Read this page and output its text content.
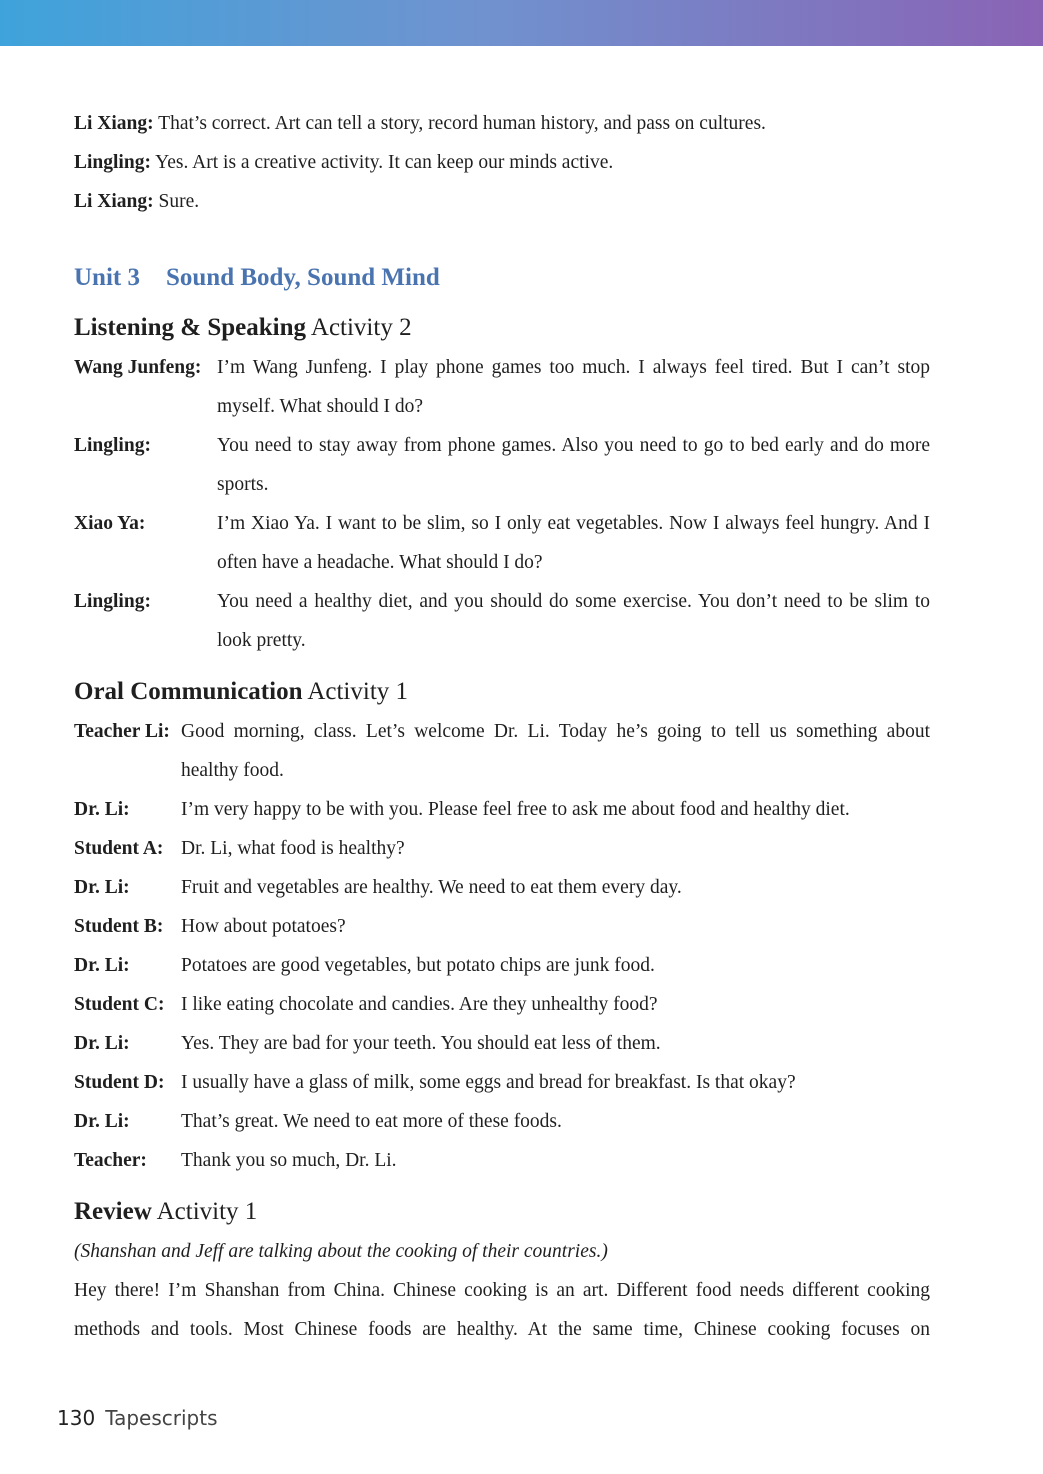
Li Xiang: That’s correct. Art can tell a story, record human history, and pass on cultures.
Lingling: Yes. Art is a creative activity. It can keep our minds active.
Li Xiang: Sure.
Unit 3 Sound Body, Sound Mind
Listening & Speaking Activity 2
Wang Junfeng: I’m Wang Junfeng. I play phone games too much. I always feel tired. But I can’t stop myself. What should I do?
Lingling:	You need to stay away from phone games. Also you need to go to bed early and do more sports.
Xiao Ya:	I’m Xiao Ya. I want to be slim, so I only eat vegetables. Now I always feel hungry. And I often have a headache. What should I do?
Lingling:	You need a healthy diet, and you should do some exercise. You don’t need to be slim to look pretty.
Oral Communication Activity 1
Teacher Li: Good morning, class. Let’s welcome Dr. Li. Today he’s going to tell us something about healthy food.
Dr. Li:	I’m very happy to be with you. Please feel free to ask me about food and healthy diet.
Student A: Dr. Li, what food is healthy?
Dr. Li:	Fruit and vegetables are healthy. We need to eat them every day.
Student B: How about potatoes?
Dr. Li:	Potatoes are good vegetables, but potato chips are junk food.
Student C: I like eating chocolate and candies. Are they unhealthy food?
Dr. Li:	Yes. They are bad for your teeth. You should eat less of them.
Student D: I usually have a glass of milk, some eggs and bread for breakfast. Is that okay?
Dr. Li:	That’s great. We need to eat more of these foods.
Teacher:	Thank you so much, Dr. Li.
Review Activity 1
(Shanshan and Jeff are talking about the cooking of their countries.)
Hey there! I’m Shanshan from China. Chinese cooking is an art. Different food needs different cooking
methods and tools. Most Chinese foods are healthy. At the same time, Chinese cooking focuses on
130 Tapescripts
